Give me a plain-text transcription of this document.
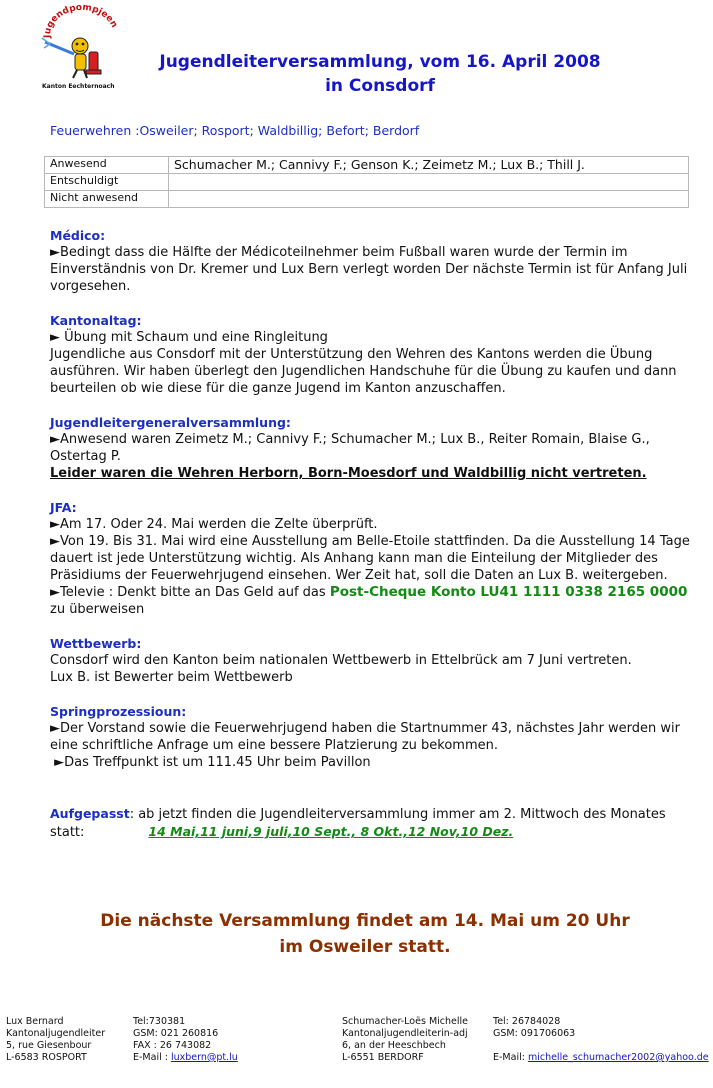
Jugendpompjeen
Kanton Eechternoach
Jugendleiterversammlung, vom 16. April 2008
in Consdorf
Feuerwehren :Osweiler; Rosport; Waldbillig; Befort; Berdorf
Anwesend	Schumacher M.; Cannivy F.; Genson K.; Zeimetz M.; Lux B.; Thill J.
Entschuldigt	
Nicht anwesend	
Médico:
►Bedingt dass die Hälfte der Médicoteilnehmer beim Fußball waren wurde der Termin im Einverständnis von Dr. Kremer und Lux Bern verlegt worden Der nächste Termin ist für Anfang Juli vorgesehen.
Kantonaltag:
► Übung mit Schaum und eine Ringleitung
Jugendliche aus Consdorf mit der Unterstützung den Wehren des Kantons werden die Übung ausführen. Wir haben überlegt den Jugendlichen Handschuhe für die Übung zu kaufen und dann beurteilen ob wie diese für die ganze Jugend im Kanton anzuschaffen.
Jugendleitergeneralversammlung:
►Anwesend waren Zeimetz M.; Cannivy F.; Schumacher M.; Lux B., Reiter Romain, Blaise G., Ostertag P.
Leider waren die Wehren Herborn, Born-Moesdorf und Waldbillig nicht vertreten.
JFA:
►Am 17. Oder 24. Mai werden die Zelte überprüft.
►Von 19. Bis 31. Mai wird eine Ausstellung am Belle-Etoile stattfinden. Da die Ausstellung 14 Tage dauert ist jede Unterstützung wichtig. Als Anhang kann man die Einteilung der Mitglieder des Präsidiums der Feuerwehrjugend einsehen. Wer Zeit hat, soll die Daten an Lux B. weitergeben.
►Televie : Denkt bitte an Das Geld auf das Post-Cheque Konto LU41 1111 0338 2165 0000
zu überweisen
Wettbewerb:
Consdorf wird den Kanton beim nationalen Wettbewerb in Ettelbrück am 7 Juni vertreten.
Lux B. ist Bewerter beim Wettbewerb
Springprozessioun:
►Der Vorstand sowie die Feuerwehrjugend haben die Startnummer 43, nächstes Jahr werden wir eine schriftliche Anfrage um eine bessere Platzierung zu bekommen.
►Das Treffpunkt ist um 111.45 Uhr beim Pavillon
Aufgepasst: ab jetzt finden die Jugendleiterversammlung immer am 2. Mittwoch des Monates statt:	14 Mai,11 juni,9 juli,10 Sept., 8 Okt.,12 Nov,10 Dez.
Die nächste Versammlung findet am 14. Mai um 20 Uhr
im Osweiler statt.
Lux Bernard
Kantonaljugendleiter
5, rue Giesenbour
L-6583 ROSPORT
Tel:730381
GSM: 021 260816
FAX : 26 743082
E-Mail : luxbern@pt.lu
Schumacher-Loës Michelle
Kantonaljugendleiterin-adj
6, an der Heeschbech
L-6551 BERDORF
Tel: 26784028
GSM: 091706063
E-Mail: michelle_schumacher2002@yahoo.de
